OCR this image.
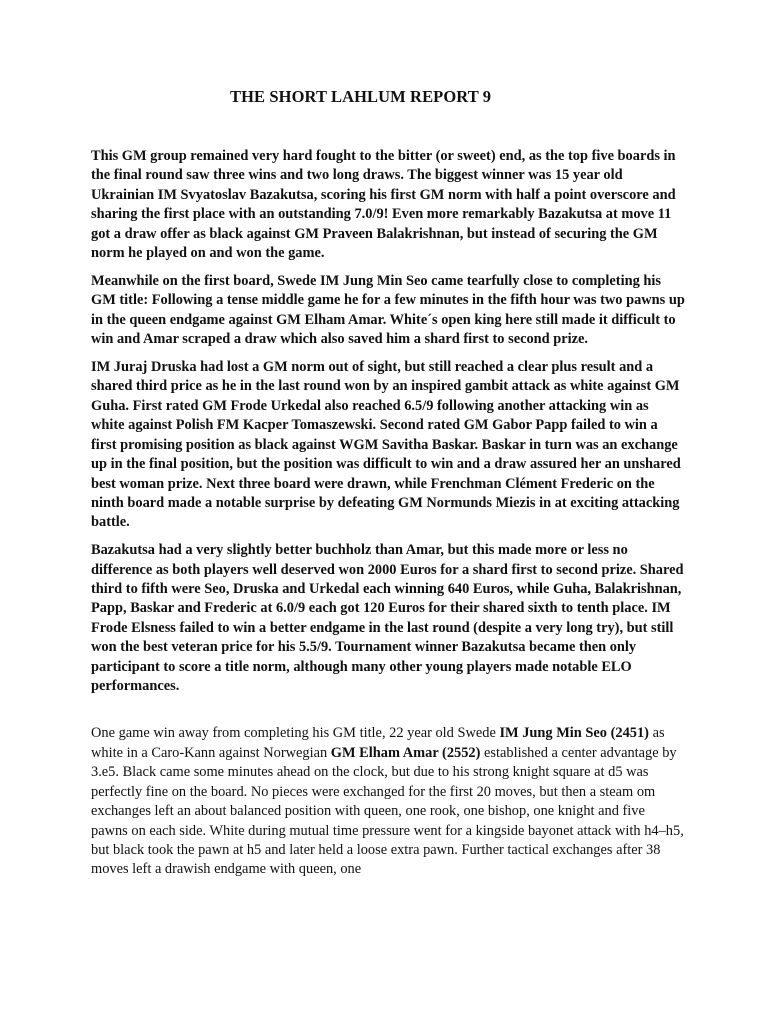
THE SHORT LAHLUM REPORT 9

This GM group remained very hard fought to the bitter (or sweet) end, as the top five boards in the final round saw three wins and two long draws. The biggest winner was 15 year old Ukrainian IM Svyatoslav Bazakutsa, scoring his first GM norm with half a point overscore and sharing the first place with an outstanding 7.0/9! Even more remarkably Bazakutsa at move 11 got a draw offer as black against GM Praveen Balakrishnan, but instead of securing the GM norm he played on and won the game.

Meanwhile on the first board, Swede IM Jung Min Seo came tearfully close to completing his GM title: Following a tense middle game he for a few minutes in the fifth hour was two pawns up in the queen endgame against GM Elham Amar. White´s open king here still made it difficult to win and Amar scraped a draw which also saved him a shard first to second prize.

IM Juraj Druska had lost a GM norm out of sight, but still reached a clear plus result and a shared third price as he in the last round won by an inspired gambit attack as white against GM Guha. First rated GM Frode Urkedal also reached 6.5/9 following another attacking win as white against Polish FM Kacper Tomaszewski. Second rated GM Gabor Papp failed to win a first promising position as black against WGM Savitha Baskar. Baskar in turn was an exchange up in the final position, but the position was difficult to win and a draw assured her an unshared best woman prize. Next three board were drawn, while Frenchman Clément Frederic on the ninth board made a notable surprise by defeating GM Normunds Miezis in at exciting attacking battle.

Bazakutsa had a very slightly better buchholz than Amar, but this made more or less no difference as both players well deserved won 2000 Euros for a shard first to second prize. Shared third to fifth were Seo, Druska and Urkedal each winning 640 Euros, while Guha, Balakrishnan, Papp, Baskar and Frederic at 6.0/9 each got 120 Euros for their shared sixth to tenth place. IM Frode Elsness failed to win a better endgame in the last round (despite a very long try), but still won the best veteran price for his 5.5/9. Tournament winner Bazakutsa became then only participant to score a title norm, although many other young players made notable ELO performances.

One game win away from completing his GM title, 22 year old Swede IM Jung Min Seo (2451) as white in a Caro-Kann against Norwegian GM Elham Amar (2552) established a center advantage by 3.e5. Black came some minutes ahead on the clock, but due to his strong knight square at d5 was perfectly fine on the board. No pieces were exchanged for the first 20 moves, but then a steam om exchanges left an about balanced position with queen, one rook, one bishop, one knight and five pawns on each side. White during mutual time pressure went for a kingside bayonet attack with h4–h5, but black took the pawn at h5 and later held a loose extra pawn. Further tactical exchanges after 38 moves left a drawish endgame with queen, one
